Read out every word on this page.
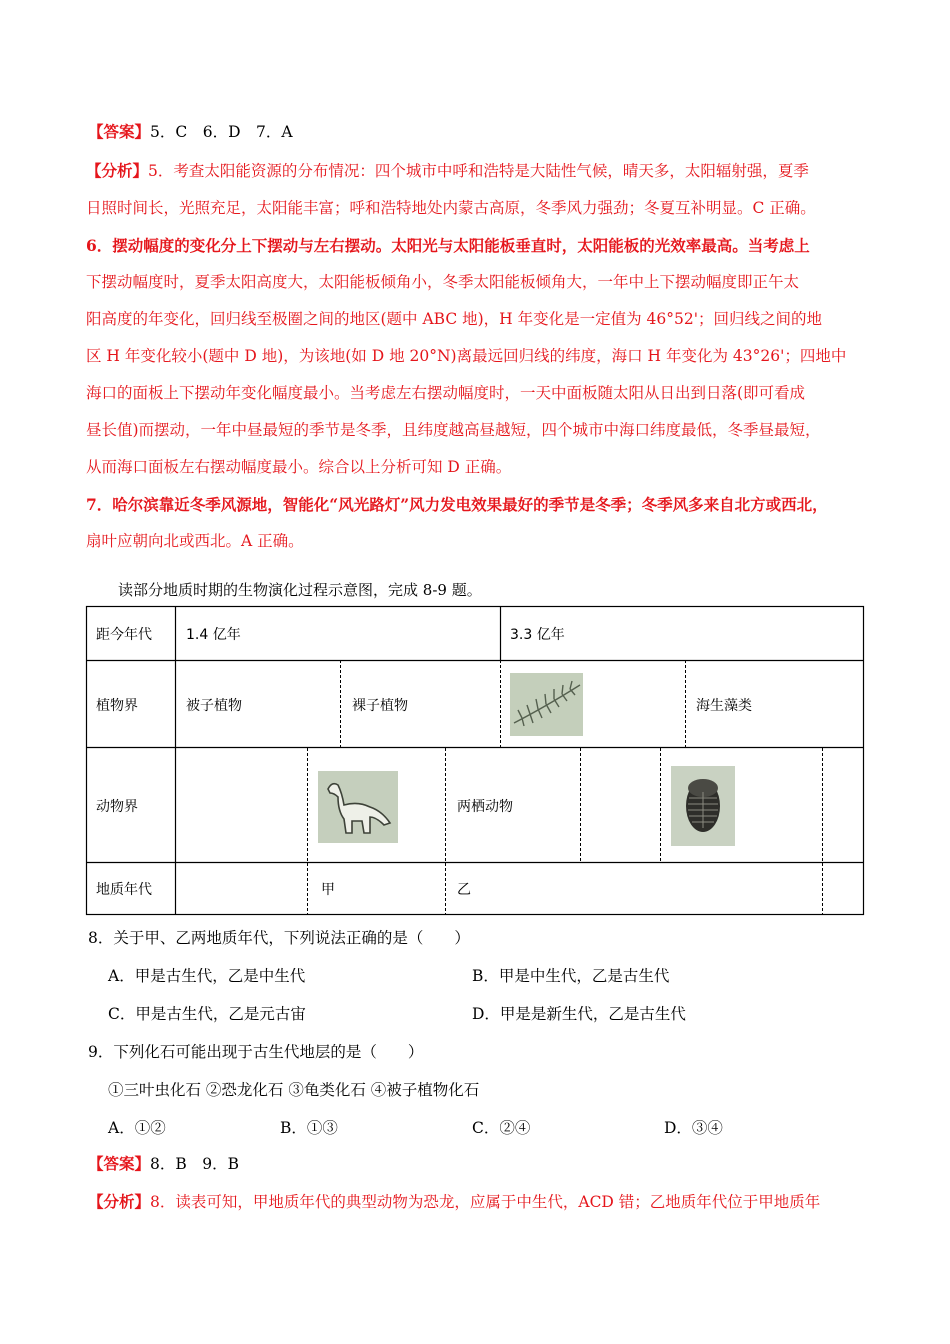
【答案】5．C　6．D　7．A
【分析】5．考查太阳能资源的分布情况：四个城市中呼和浩特是大陆性气候，晴天多，太阳辐射强，夏季
日照时间长，光照充足，太阳能丰富；呼和浩特地处内蒙古高原，冬季风力强劲；冬夏互补明显。C 正确。
6．摆动幅度的变化分上下摆动与左右摆动。太阳光与太阳能板垂直时，太阳能板的光效率最高。当考虑上
下摆动幅度时，夏季太阳高度大，太阳能板倾角小，冬季太阳能板倾角大，一年中上下摆动幅度即正午太
阳高度的年变化，回归线至极圈之间的地区(题中 ABC 地)，H 年变化是一定值为 46°52'；回归线之间的地
区 H 年变化较小(题中 D 地)，为该地(如 D 地 20°N)离最远回归线的纬度，海口 H 年变化为 43°26'；四地中
海口的面板上下摆动年变化幅度最小。当考虑左右摆动幅度时，一天中面板随太阳从日出到日落(即可看成
昼长值)而摆动，一年中昼最短的季节是冬季，且纬度越高昼越短，四个城市中海口纬度最低，冬季昼最短，
从而海口面板左右摆动幅度最小。综合以上分析可知 D 正确。
7．哈尔滨靠近冬季风源地，智能化“风光路灯”风力发电效果最好的季节是冬季；冬季风多来自北方或西北，
扇叶应朝向北或西北。A 正确。
读部分地质时期的生物演化过程示意图，完成 8-9 题。
距今年代 1.4 亿年	3.3 亿年
植物界	被子植物	裸子植物	海生藻类
动物界	两栖动物
地质年代	甲	乙
8．关于甲、乙两地质年代，下列说法正确的是（　　）
A．甲是古生代，乙是中生代	B．甲是中生代，乙是古生代
C．甲是古生代，乙是元古宙	D．甲是是新生代，乙是古生代
9．下列化石可能出现于古生代地层的是（　　）
①三叶虫化石 ②恐龙化石 ③龟类化石 ④被子植物化石
A．①②	B．①③	C．②④	D．③④
【答案】8．B　9．B
【分析】8．读表可知，甲地质年代的典型动物为恐龙，应属于中生代，ACD 错；乙地质年代位于甲地质年
